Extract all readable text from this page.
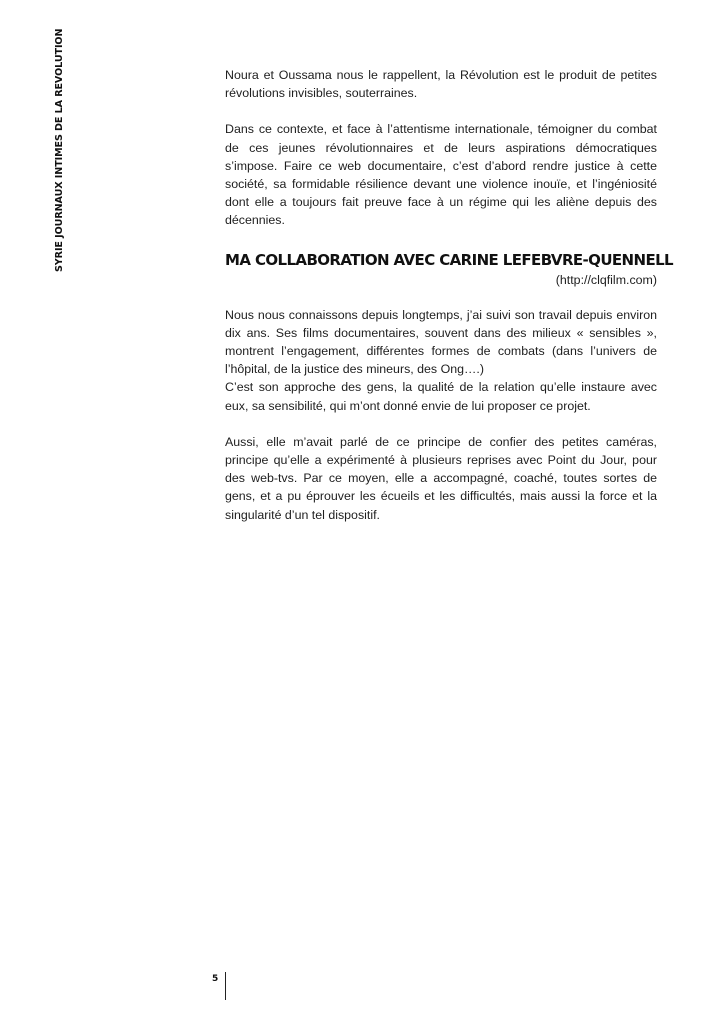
SYRIE JOURNAUX INTIMES DE LA REVOLUTION	Noura et Oussama nous le rappellent, la Révolution est le produit de petites révolutions invisibles, souterraines.

Dans ce contexte, et face à l’attentisme internationale, témoigner du combat de ces jeunes révolutionnaires et de leurs aspirations démocratiques s’impose. Faire ce web documentaire, c’est d’abord rendre justice à cette société, sa formidable résilience devant une violence inouïe, et l’ingéniosité dont elle a toujours fait preuve face à un régime qui les aliène depuis des décennies.

MA COLLABORATION AVEC CARINE LEFEBVRE-QUENNELL
(http://clqfilm.com)

Nous nous connaissons depuis longtemps, j’ai suivi son travail depuis environ dix ans. Ses films documentaires, souvent dans des milieux « sensibles », montrent l’engagement, différentes formes de combats (dans l’univers de l’hôpital, de la justice des mineurs, des Ong….)

C’est son approche des gens, la qualité de la relation qu’elle instaure avec eux, sa sensibilité, qui m’ont donné envie de lui proposer ce projet.

Aussi, elle m’avait parlé de ce principe de confier des petites caméras, principe qu’elle a expérimenté à plusieurs reprises avec Point du Jour, pour des web-tvs. Par ce moyen, elle a accompagné, coaché, toutes sortes de gens, et a pu éprouver les écueils et les difficultés, mais aussi la force et la singularité d’un tel dispositif.

5
